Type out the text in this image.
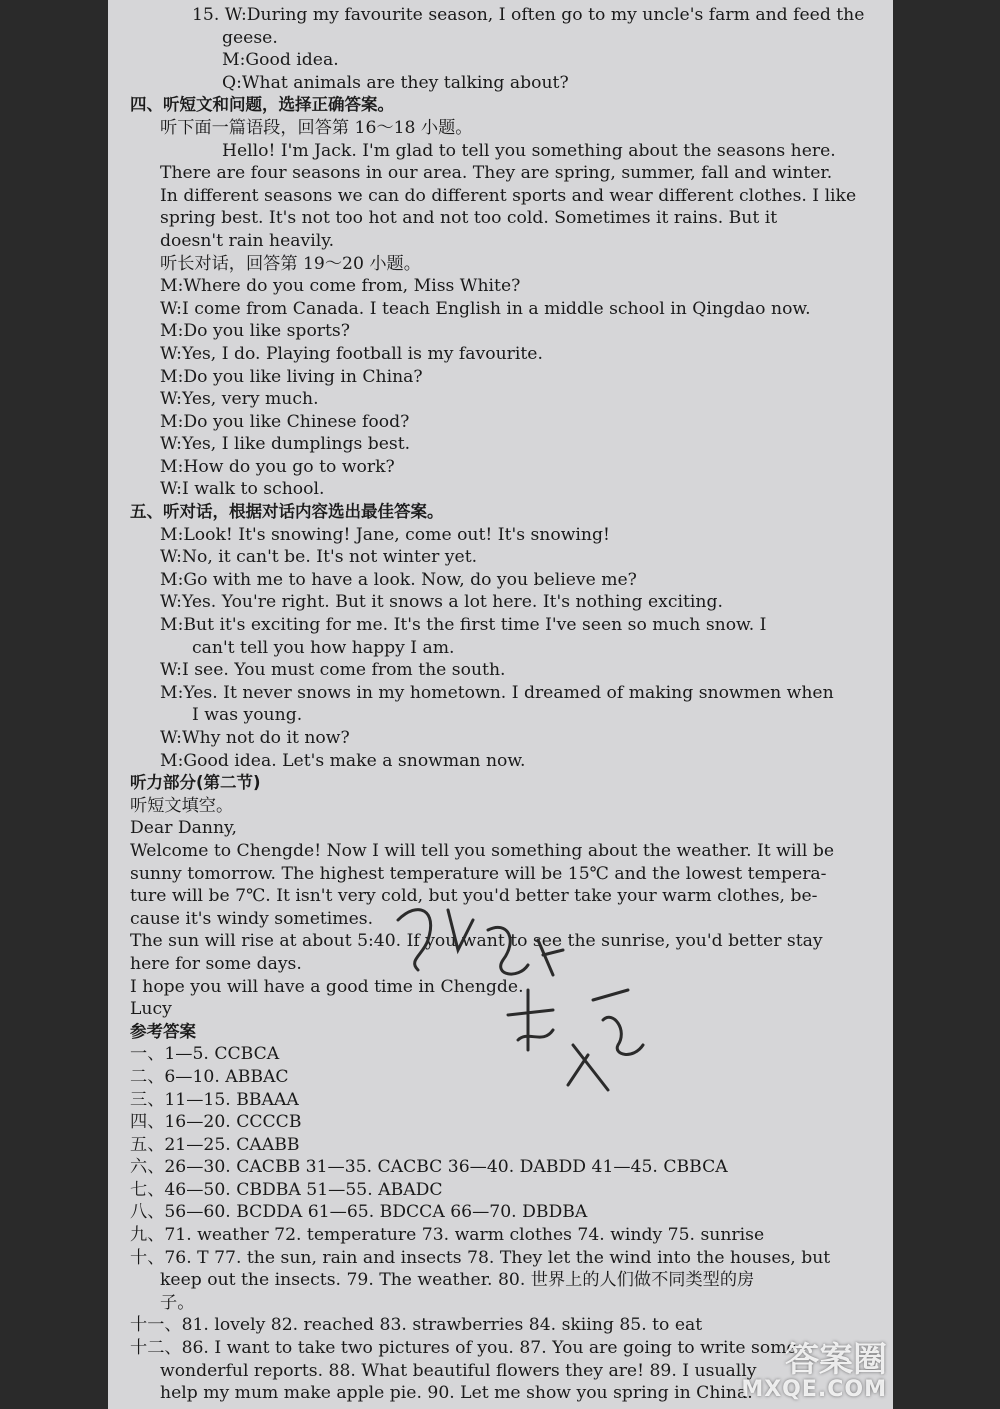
15. W:During my favourite season, I often go to my uncle's farm and feed the
geese.
M:Good idea.
Q:What animals are they talking about?
四、听短文和问题，选择正确答案。
听下面一篇语段，回答第 16～18 小题。
Hello! I'm Jack. I'm glad to tell you something about the seasons here.
There are four seasons in our area. They are spring, summer, fall and winter.
In different seasons we can do different sports and wear different clothes. I like
spring best. It's not too hot and not too cold. Sometimes it rains. But it
doesn't rain heavily.
听长对话，回答第 19～20 小题。
M:Where do you come from, Miss White?
W:I come from Canada. I teach English in a middle school in Qingdao now.
M:Do you like sports?
W:Yes, I do. Playing football is my favourite.
M:Do you like living in China?
W:Yes, very much.
M:Do you like Chinese food?
W:Yes, I like dumplings best.
M:How do you go to work?
W:I walk to school.
五、听对话，根据对话内容选出最佳答案。
M:Look! It's snowing! Jane, come out! It's snowing!
W:No, it can't be. It's not winter yet.
M:Go with me to have a look. Now, do you believe me?
W:Yes. You're right. But it snows a lot here. It's nothing exciting.
M:But it's exciting for me. It's the first time I've seen so much snow. I
can't tell you how happy I am.
W:I see. You must come from the south.
M:Yes. It never snows in my hometown. I dreamed of making snowmen when
I was young.
W:Why not do it now?
M:Good idea. Let's make a snowman now.
听力部分(第二节)
听短文填空。
Dear Danny,
Welcome to Chengde! Now I will tell you something about the weather. It will be
sunny tomorrow. The highest temperature will be 15℃ and the lowest tempera-
ture will be 7℃. It isn't very cold, but you'd better take your warm clothes, be-
cause it's windy sometimes.
The sun will rise at about 5:40. If you want to see the sunrise, you'd better stay
here for some days.
I hope you will have a good time in Chengde.
Lucy
参考答案
一、1—5. CCBCA
二、6—10. ABBAC
三、11—15. BBAAA
四、16—20. CCCCB
五、21—25. CAABB
六、26—30. CACBB 31—35. CACBC 36—40. DABDD 41—45. CBBCA
七、46—50. CBDBA 51—55. ABADC
八、56—60. BCDDA 61—65. BDCCA 66—70. DBDBA
九、71. weather 72. temperature 73. warm clothes 74. windy 75. sunrise
十、76. T 77. the sun, rain and insects 78. They let the wind into the houses, but
keep out the insects. 79. The weather. 80. 世界上的人们做不同类型的房
子。
十一、81. lovely 82. reached 83. strawberries 84. skiing 85. to eat
十二、86. I want to take two pictures of you. 87. You are going to write some
wonderful reports. 88. What beautiful flowers they are! 89. I usually
help my mum make apple pie. 90. Let me show you spring in China.
答案圈
MXQE.COM
